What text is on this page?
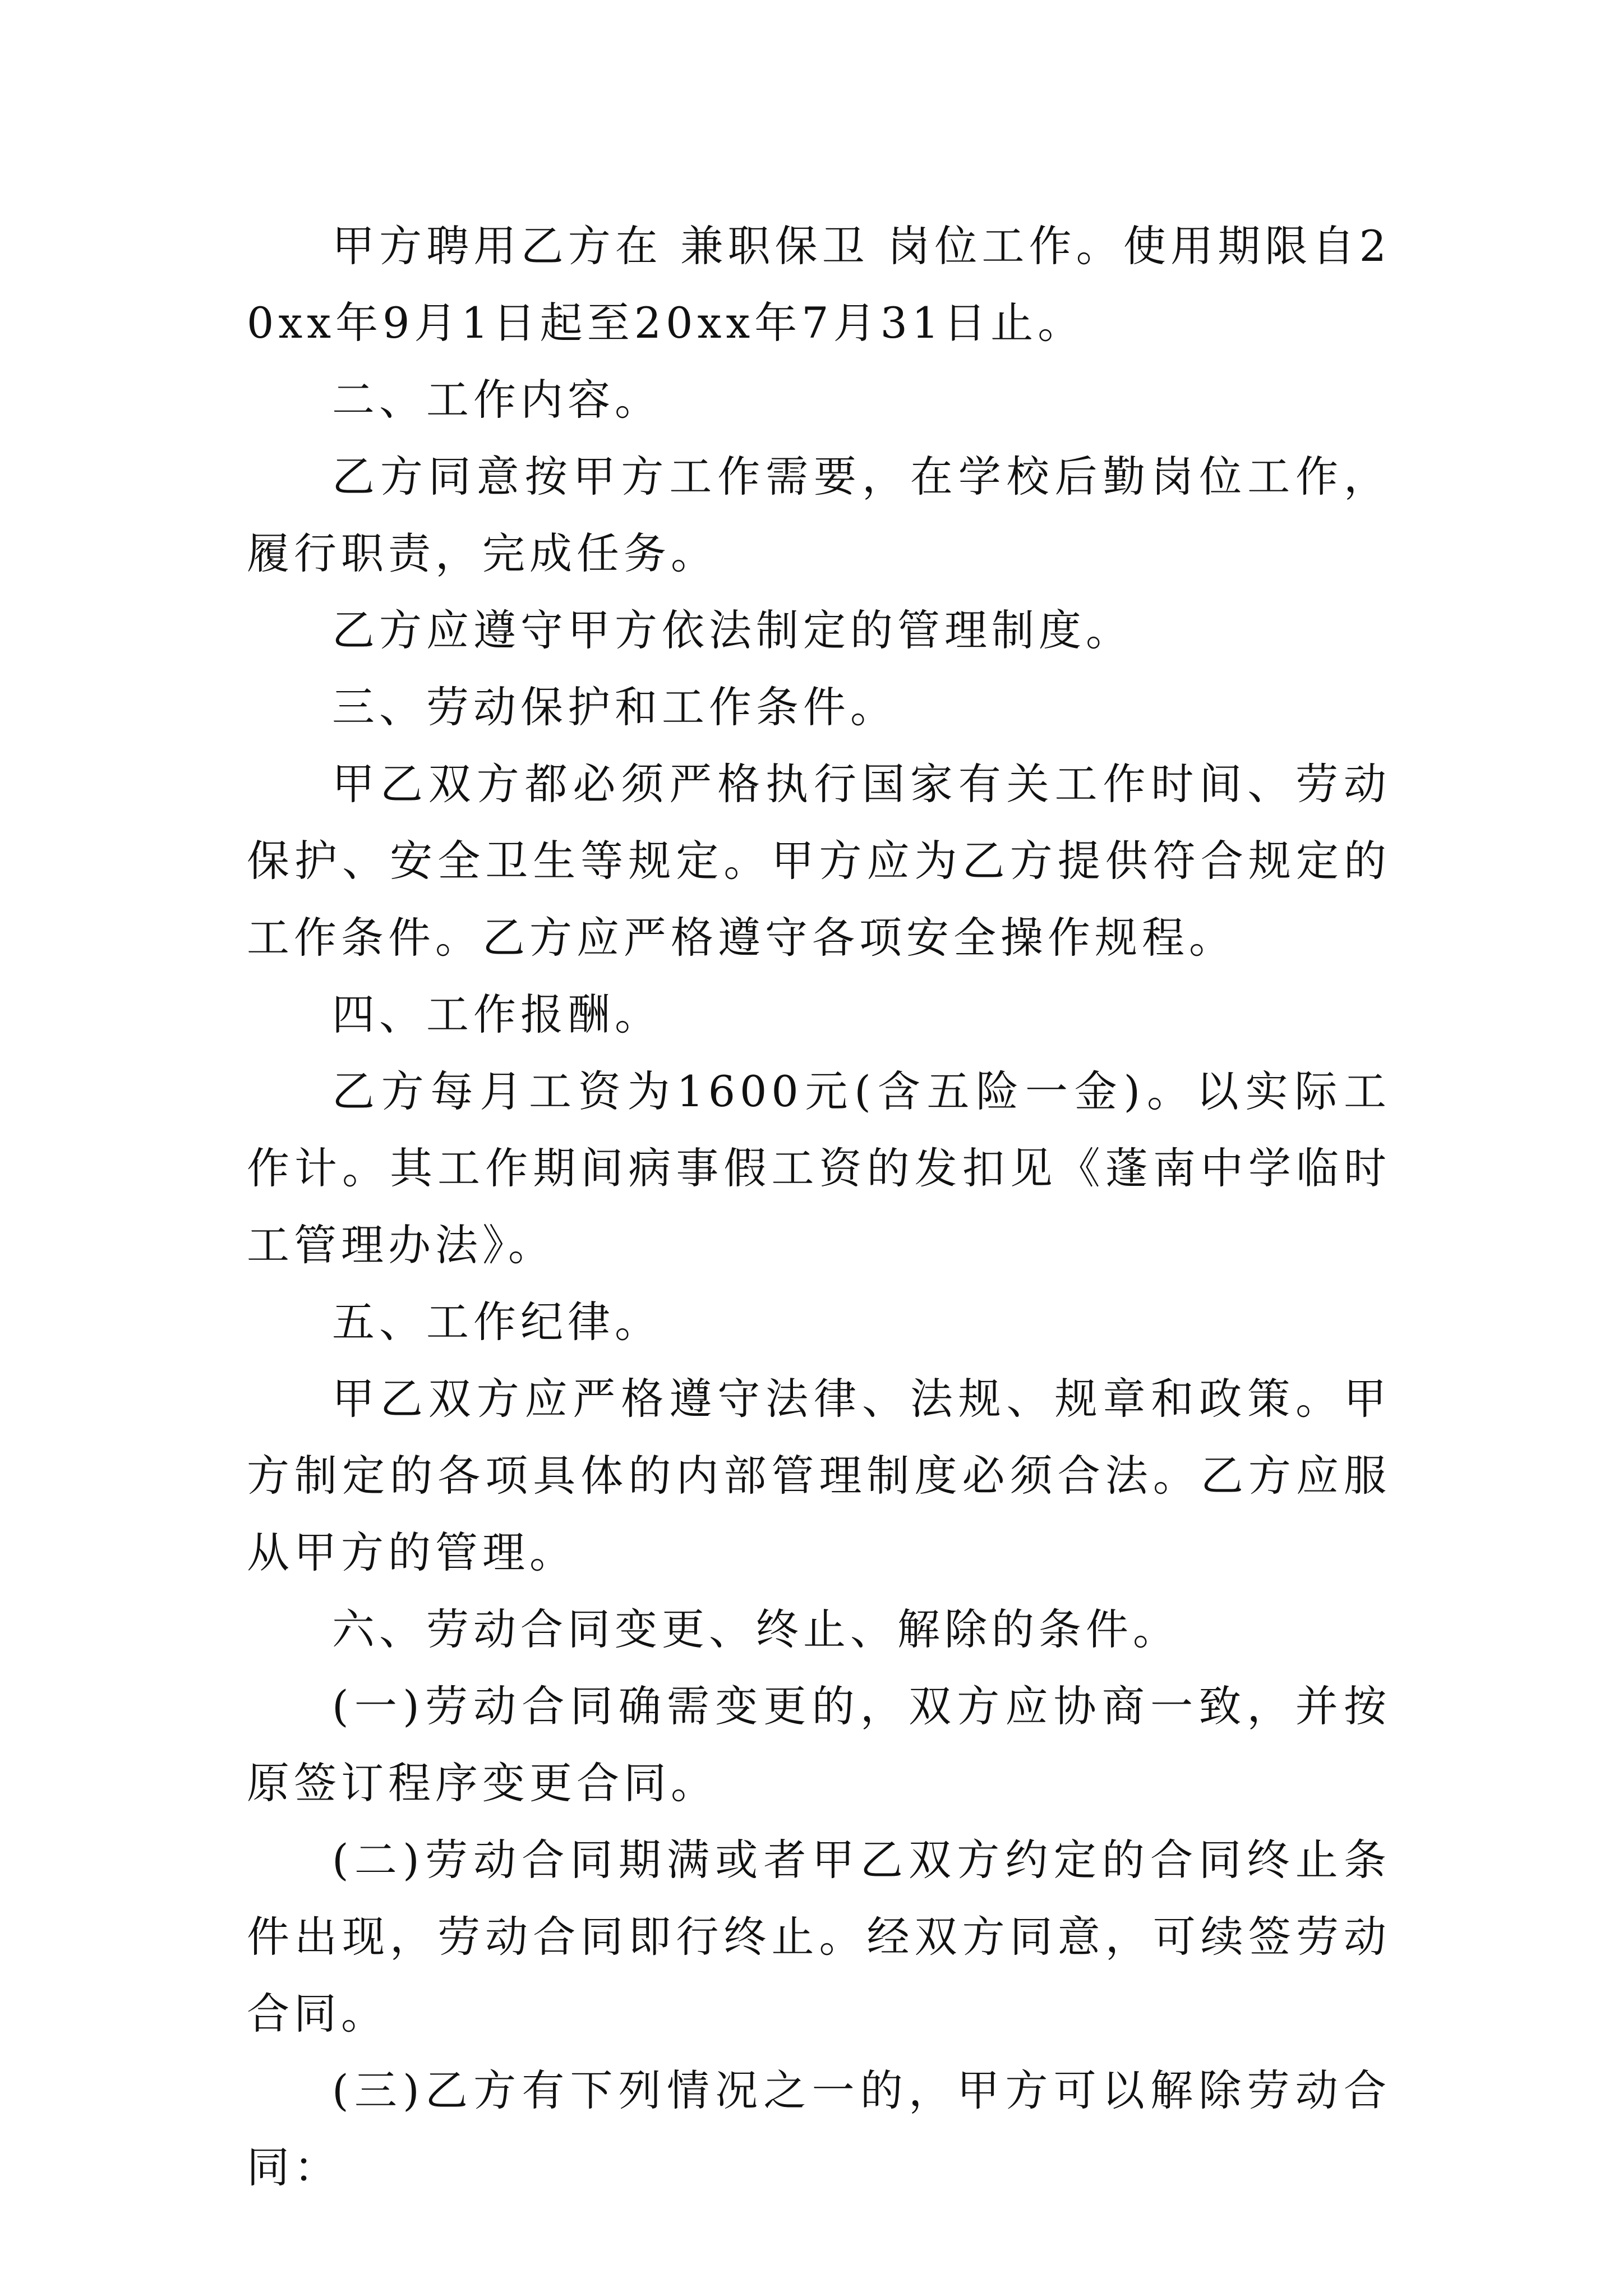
甲方聘用乙方在 兼职保卫 岗位工作。使用期限自20xx年9月1日起至20xx年7月31日止。

二、工作内容。

乙方同意按甲方工作需要，在学校后勤岗位工作，履行职责，完成任务。

乙方应遵守甲方依法制定的管理制度。

三、劳动保护和工作条件。

甲乙双方都必须严格执行国家有关工作时间、劳动保护、安全卫生等规定。甲方应为乙方提供符合规定的工作条件。乙方应严格遵守各项安全操作规程。

四、工作报酬。

乙方每月工资为1600元(含五险一金)。以实际工作计。其工作期间病事假工资的发扣见《蓬南中学临时工管理办法》。

五、工作纪律。

甲乙双方应严格遵守法律、法规、规章和政策。甲方制定的各项具体的内部管理制度必须合法。乙方应服从甲方的管理。

六、劳动合同变更、终止、解除的条件。

(一)劳动合同确需变更的，双方应协商一致，并按原签订程序变更合同。

(二)劳动合同期满或者甲乙双方约定的合同终止条件出现，劳动合同即行终止。经双方同意，可续签劳动合同。

(三)乙方有下列情况之一的，甲方可以解除劳动合同：
